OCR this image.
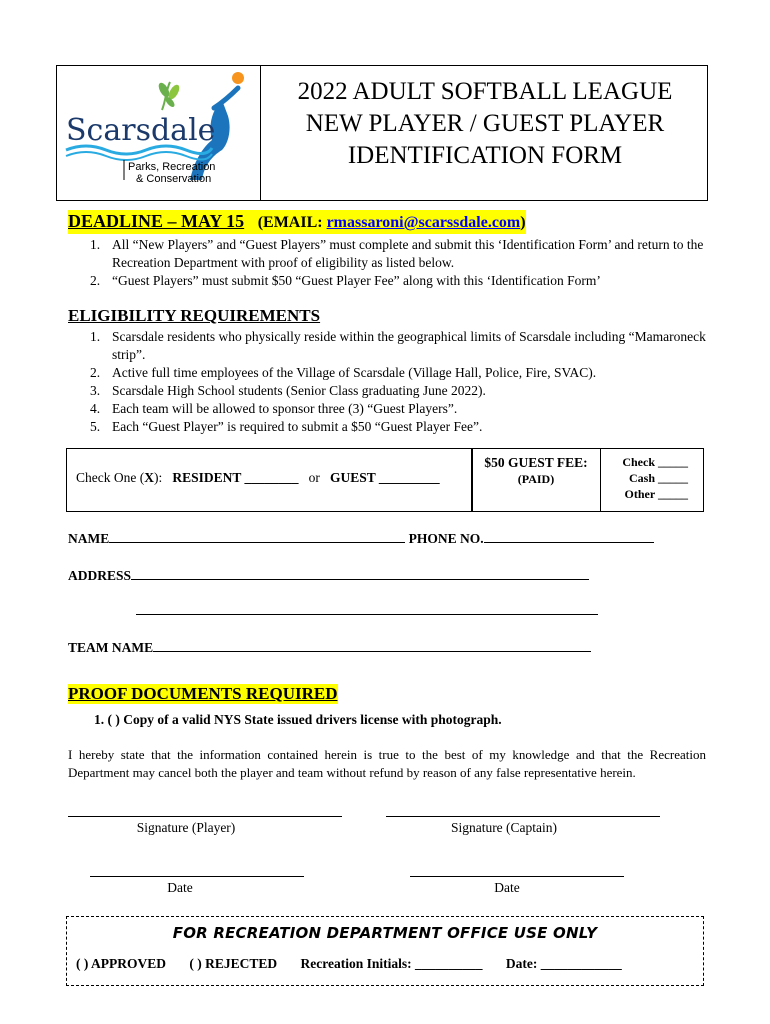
Scarsdale
Parks, Recreation
& Conservation
2022 ADULT SOFTBALL LEAGUE
NEW PLAYER / GUEST PLAYER
IDENTIFICATION FORM
DEADLINE – MAY 15 (EMAIL: rmassaroni@scarssdale.com)
1. All “New Players” and “Guest Players” must complete and submit this ‘Identification Form’ and return to the Recreation Department with proof of eligibility as listed below.
2. “Guest Players” must submit $50 “Guest Player Fee” along with this ‘Identification Form’
ELIGIBILITY REQUIREMENTS
1. Scarsdale residents who physically reside within the geographical limits of Scarsdale including “Mamaroneck strip”.
2. Active full time employees of the Village of Scarsdale (Village Hall, Police, Fire, SVAC).
3. Scarsdale High School students (Senior Class graduating June 2022).
4. Each team will be allowed to sponsor three (3) “Guest Players”.
5. Each “Guest Player” is required to submit a $50 “Guest Player Fee”.
Check One (X): RESIDENT ________ or GUEST _________
$50 GUEST FEE:
(PAID)
Check _____
Cash _____
Other _____
NAME	PHONE NO.
ADDRESS
TEAM NAME
PROOF DOCUMENTS REQUIRED
1. ( ) Copy of a valid NYS State issued drivers license with photograph.
I hereby state that the information contained herein is true to the best of my knowledge and that the Recreation Department may cancel both the player and team without refund by reason of any false representative herein.
Signature (Player)	Signature (Captain)
Date	Date
FOR RECREATION DEPARTMENT OFFICE USE ONLY
( ) APPROVED ( ) REJECTED Recreation Initials: __________ Date: ____________
